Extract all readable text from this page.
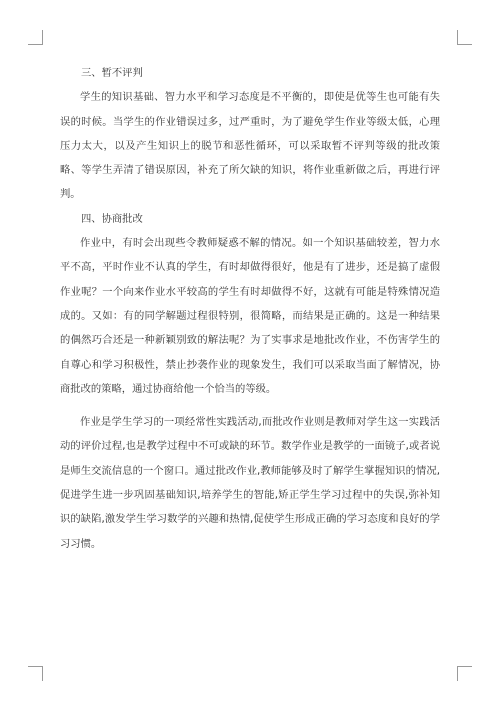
三、暂不评判

学生的知识基础、智力水平和学习态度是不平衡的，即使是优等生也可能有失误的时候。当学生的作业错误过多，过严重时，为了避免学生作业等级太低，心理压力太大，以及产生知识上的脱节和恶性循环，可以采取暂不评判等级的批改策略、等学生弄清了错误原因，补充了所欠缺的知识，将作业重新做之后，再进行评判。

四、协商批改

作业中，有时会出现些令教师疑惑不解的情况。如一个知识基础较差，智力水平不高，平时作业不认真的学生，有时却做得很好，他是有了进步，还是搞了虚假作业呢？一个向来作业水平较高的学生有时却做得不好，这就有可能是特殊情况造成的。又如：有的同学解题过程很特别，很简略，而结果是正确的。这是一种结果的偶然巧合还是一种新颖别致的解法呢？为了实事求是地批改作业，不伤害学生的自尊心和学习积极性，禁止抄袭作业的现象发生，我们可以采取当面了解情况，协商批改的策略，通过协商给他一个恰当的等级。

作业是学生学习的一项经常性实践活动,而批改作业则是教师对学生这一实践活动的评价过程,也是教学过程中不可或缺的环节。数学作业是教学的一面镜子,或者说是师生交流信息的一个窗口。通过批改作业,教师能够及时了解学生掌握知识的情况,促进学生进一步巩固基础知识,培养学生的智能,矫正学生学习过程中的失误,弥补知识的缺陷,激发学生学习数学的兴趣和热情,促使学生形成正确的学习态度和良好的学习习惯。
